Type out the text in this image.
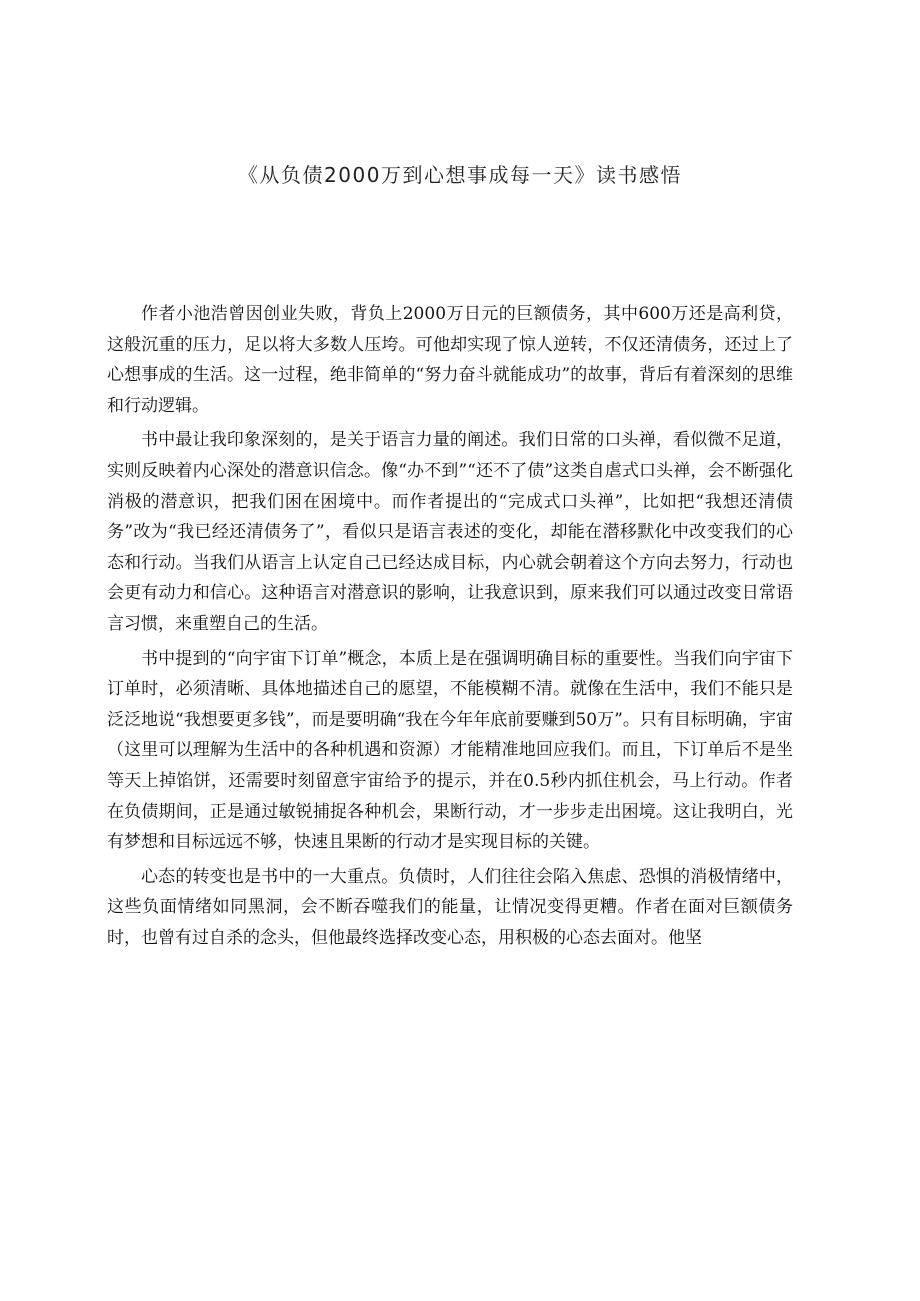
《从负债2000万到心想事成每一天》读书感悟

作者小池浩曾因创业失败，背负上2000万日元的巨额债务，其中600万还是高利贷，这般沉重的压力，足以将大多数人压垮。可他却实现了惊人逆转，不仅还清债务，还过上了心想事成的生活。这一过程，绝非简单的“努力奋斗就能成功”的故事，背后有着深刻的思维和行动逻辑。

书中最让我印象深刻的，是关于语言力量的阐述。我们日常的口头禅，看似微不足道，实则反映着内心深处的潜意识信念。像“办不到”“还不了债”这类自虐式口头禅，会不断强化消极的潜意识，把我们困在困境中。而作者提出的“完成式口头禅”，比如把“我想还清债务”改为“我已经还清债务了”，看似只是语言表述的变化，却能在潜移默化中改变我们的心态和行动。当我们从语言上认定自己已经达成目标，内心就会朝着这个方向去努力，行动也会更有动力和信心。这种语言对潜意识的影响，让我意识到，原来我们可以通过改变日常语言习惯，来重塑自己的生活。

书中提到的“向宇宙下订单”概念，本质上是在强调明确目标的重要性。当我们向宇宙下订单时，必须清晰、具体地描述自己的愿望，不能模糊不清。就像在生活中，我们不能只是泛泛地说“我想要更多钱”，而是要明确“我在今年年底前要赚到50万”。只有目标明确，宇宙（这里可以理解为生活中的各种机遇和资源）才能精准地回应我们。而且，下订单后不是坐等天上掉馅饼，还需要时刻留意宇宙给予的提示，并在0.5秒内抓住机会，马上行动。作者在负债期间，正是通过敏锐捕捉各种机会，果断行动，才一步步走出困境。这让我明白，光有梦想和目标远远不够，快速且果断的行动才是实现目标的关键。

心态的转变也是书中的一大重点。负债时，人们往往会陷入焦虑、恐惧的消极情绪中，这些负面情绪如同黑洞，会不断吞噬我们的能量，让情况变得更糟。作者在面对巨额债务时，也曾有过自杀的念头，但他最终选择改变心态，用积极的心态去面对。他坚
